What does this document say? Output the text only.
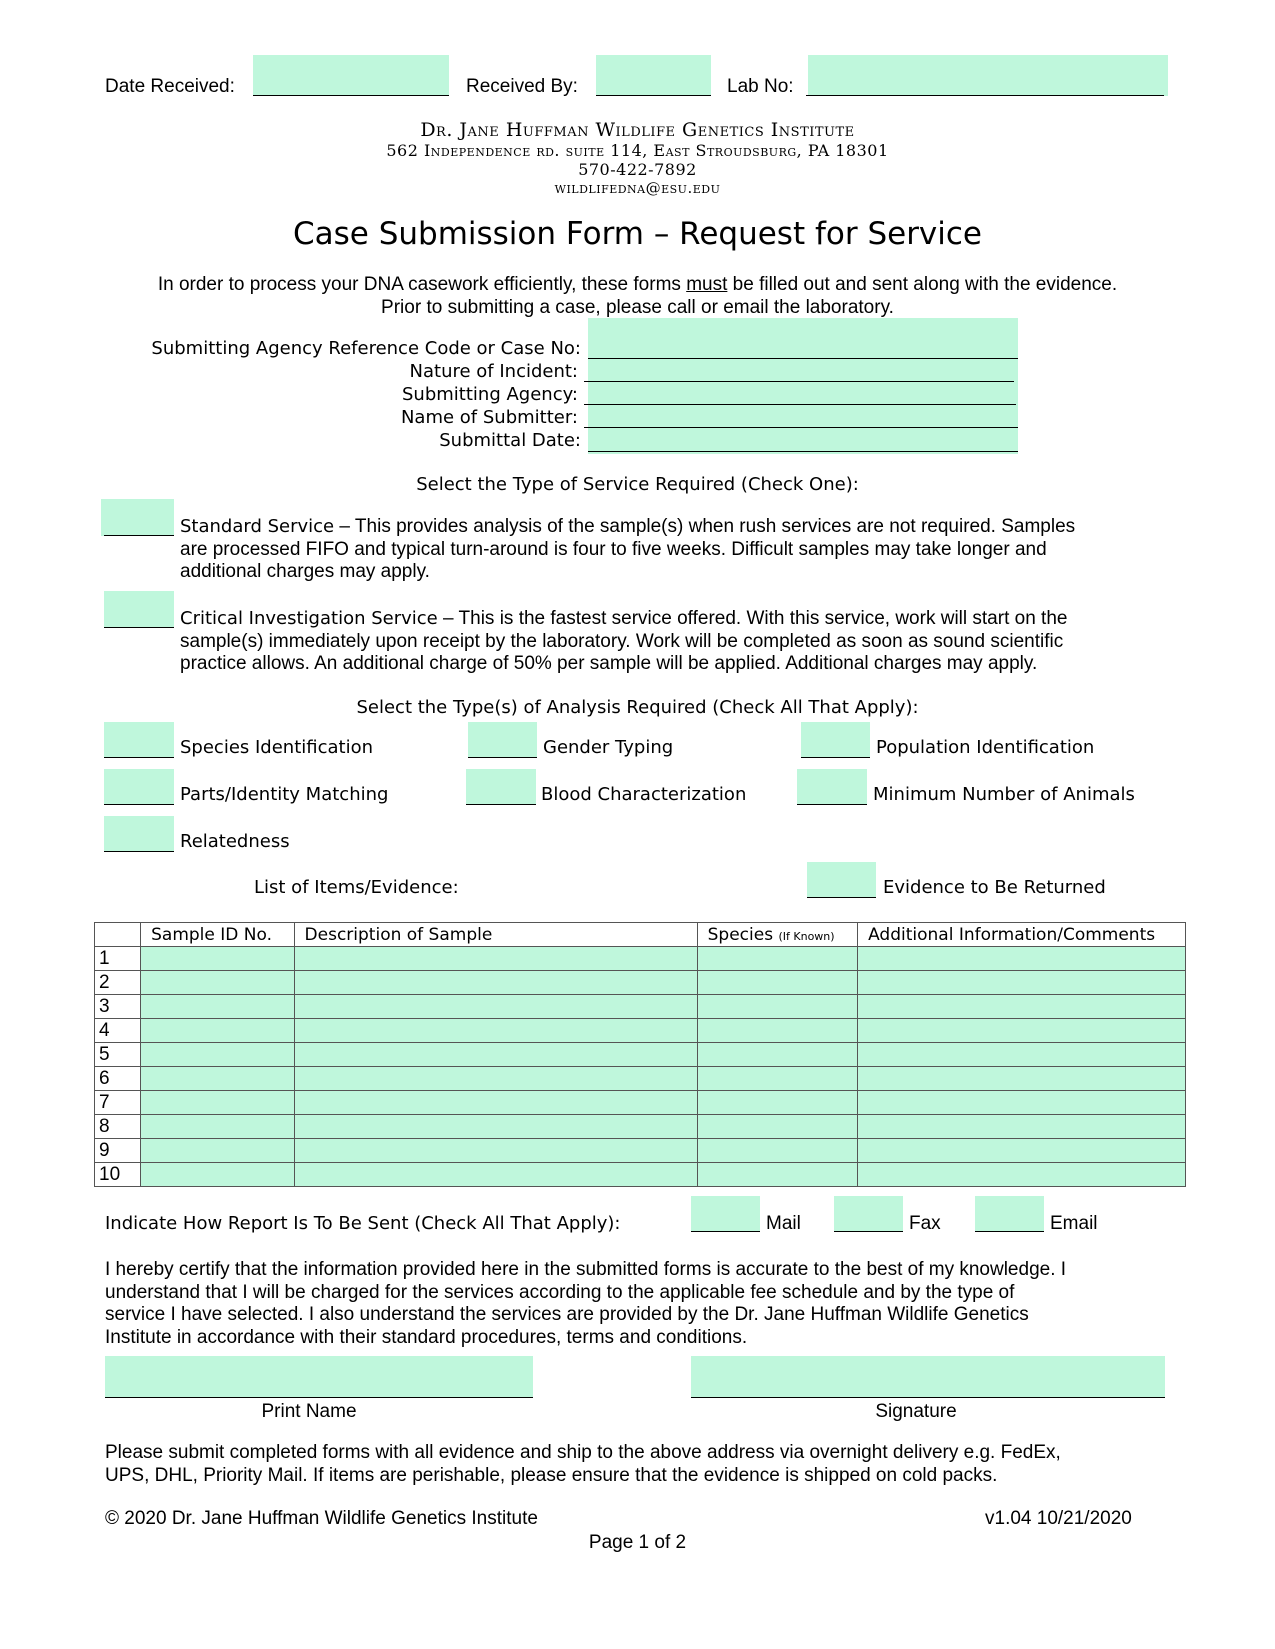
Date Received:	Received By:	Lab No:
Dr. Jane Huffman Wildlife Genetics Institute
562 Independence rd. suite 114, East Stroudsburg, PA 18301
570-422-7892
wildlifedna@esu.edu
Case Submission Form – Request for Service
In order to process your DNA casework efficiently, these forms must be filled out and sent along with the evidence.
Prior to submitting a case, please call or email the laboratory.
Submitting Agency Reference Code or Case No:
Nature of Incident:
Submitting Agency:
Name of Submitter:
Submittal Date:
Select the Type of Service Required (Check One):
Standard Service – This provides analysis of the sample(s) when rush services are not required. Samples
are processed FIFO and typical turn-around is four to five weeks. Difficult samples may take longer and
additional charges may apply.
Critical Investigation Service – This is the fastest service offered. With this service, work will start on the
sample(s) immediately upon receipt by the laboratory. Work will be completed as soon as sound scientific
practice allows. An additional charge of 50% per sample will be applied. Additional charges may apply.
Select the Type(s) of Analysis Required (Check All That Apply):
Species Identification	Gender Typing	Population Identification
Parts/Identity Matching	Blood Characterization	Minimum Number of Animals
Relatedness
List of Items/Evidence:	Evidence to Be Returned
	Sample ID No.	Description of Sample	Species (If Known)	Additional Information/Comments
1				
2				
3				
4				
5				
6				
7				
8				
9				
10				
Indicate How Report Is To Be Sent (Check All That Apply):	Mail	Fax	Email
I hereby certify that the information provided here in the submitted forms is accurate to the best of my knowledge. I
understand that I will be charged for the services according to the applicable fee schedule and by the type of
service I have selected. I also understand the services are provided by the Dr. Jane Huffman Wildlife Genetics
Institute in accordance with their standard procedures, terms and conditions.
Print Name	Signature
Please submit completed forms with all evidence and ship to the above address via overnight delivery e.g. FedEx,
UPS, DHL, Priority Mail. If items are perishable, please ensure that the evidence is shipped on cold packs.
© 2020 Dr. Jane Huffman Wildlife Genetics Institute	v1.04 10/21/2020
Page 1 of 2
